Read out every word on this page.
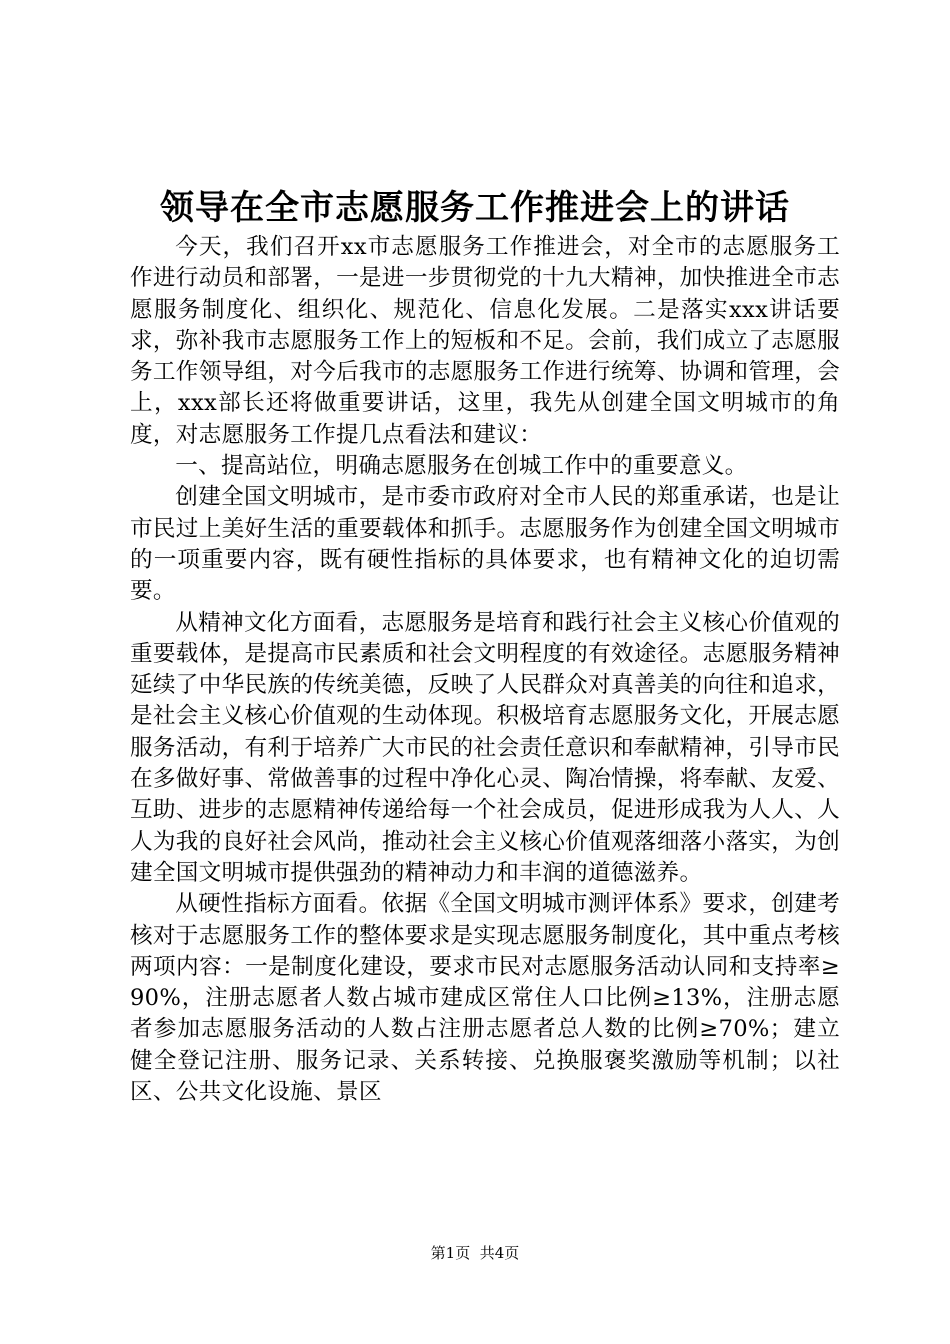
领导在全市志愿服务工作推进会上的讲话

今天，我们召开xx市志愿服务工作推进会，对全市的志愿服务工作进行动员和部署，一是进一步贯彻党的十九大精神，加快推进全市志愿服务制度化、组织化、规范化、信息化发展。二是落实xxx讲话要求，弥补我市志愿服务工作上的短板和不足。会前，我们成立了志愿服务工作领导组，对今后我市的志愿服务工作进行统筹、协调和管理，会上，xxx部长还将做重要讲话，这里，我先从创建全国文明城市的角度，对志愿服务工作提几点看法和建议：

一、提高站位，明确志愿服务在创城工作中的重要意义。

创建全国文明城市，是市委市政府对全市人民的郑重承诺，也是让市民过上美好生活的重要载体和抓手。志愿服务作为创建全国文明城市的一项重要内容，既有硬性指标的具体要求，也有精神文化的迫切需要。

从精神文化方面看，志愿服务是培育和践行社会主义核心价值观的重要载体，是提高市民素质和社会文明程度的有效途径。志愿服务精神延续了中华民族的传统美德，反映了人民群众对真善美的向往和追求，是社会主义核心价值观的生动体现。积极培育志愿服务文化，开展志愿服务活动，有利于培养广大市民的社会责任意识和奉献精神，引导市民在多做好事、常做善事的过程中净化心灵、陶冶情操，将奉献、友爱、互助、进步的志愿精神传递给每一个社会成员，促进形成我为人人、人人为我的良好社会风尚，推动社会主义核心价值观落细落小落实，为创建全国文明城市提供强劲的精神动力和丰润的道德滋养。

从硬性指标方面看。依据《全国文明城市测评体系》要求，创建考核对于志愿服务工作的整体要求是实现志愿服务制度化，其中重点考核两项内容：一是制度化建设，要求市民对志愿服务活动认同和支持率≥90%，注册志愿者人数占城市建成区常住人口比例≥13%，注册志愿者参加志愿服务活动的人数占注册志愿者总人数的比例≥70%；建立健全登记注册、服务记录、关系转接、兑换服褒奖激励等机制；以社区、公共文化设施、景区

第1页 共4页
